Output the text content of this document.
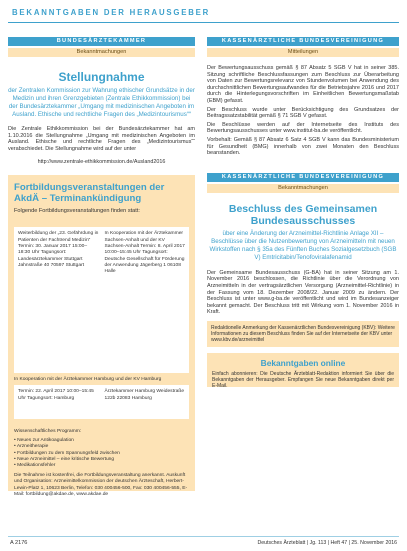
BEKANNTGABEN DER HERAUSGEBER
BUNDESÄRZTEKAMMER
Bekanntmachungen
Stellungnahme
der Zentralen Kommission zur Wahrung ethischer Grundsätze in der Medizin und ihren Grenzgebieten (Zentrale Ethikkommission) bei der Bundesärztekammer „Umgang mit medizinischen Angeboten im Ausland. Ethische und rechtliche Fragen des „Medizintourismus““
Die Zentrale Ethikkommission bei der Bundesärztekammer hat am 1.10.2016 die Stellungnahme „Umgang mit medizinischen Angeboten im Ausland. Ethische und rechtliche Fragen des „Medizintourismus““ verabschiedet. Die Stellungnahme wird auf der unter
http://www.zentrale-ethikkommission.de/Ausland2016
Fortbildungsveranstaltungen der AkdÄ – Terminankündigung
Folgende Fortbildungsveranstaltungen finden statt:
Weiterbildung der „23. Gefährdung in Patienten der Fachtrend Medizin“ Termin: 30. Januar 2017 15:00–18:30 Uhr Tagungsort: Landesärztekammer Stuttgart Jahnstraße 40 70597 Stuttgart
In Kooperation mit der Ärztekammer Sachsen-Anhalt und der KV Sachsen-Anhalt Termin: 8. April 2017 10:00–15:45 Uhr Tagungsort: Deutsche Gesellschaft für Förderung der Anwendung Jägerberg 1 06108 Halle
In Kooperation mit der Ärztekammer Hamburg und der KV Hamburg
Termin: 22. April 2017 10:00–15:45 Uhr Tagungsort: Hamburg
Ärztekammer Hamburg Weidestraße 122b 22083 Hamburg
Wissenschaftliches Programm:
• Neues zur Antikoagulation
• Arzneitherapie
• Fortbildungen zu dem Spannungsfeld zwischen
• Neue Arzneimittel – eine kritische Bewertung
• Medikationsfehler
Die Teilnahme ist kostenfrei, die Fortbildungsveranstaltung anerkannt. Auskunft und Organisation: Arzneimittelkommission der deutschen Ärzteschaft, Herbert-Lewin-Platz 1, 10623 Berlin, Telefon: 030 400456-500, Fax: 030 400456-555, E-Mail: fortbildung@akdae.de, www.akdae.de
KASSENÄRZTLICHE BUNDESVEREINIGUNG
Mitteilungen

Der Bewertungsausschuss gemäß § 87 Absatz 5 SGB V hat in seiner 385. Sitzung schriftliche Beschlussfassungen zum Beschluss zur Überarbeitung von Daten zur Bewertungsrelevanz von Stundenvolumen bei Anwendung des durchschnittlichen Bewertungsaufwandes für die Betriebsjahre 2016 und 2017 durch die Hinterlegungsvorschriften im Einheitlichen Bewertungsmaßstab (EBM) gefasst.

Der Beschluss wurde unter Berücksichtigung des Grundsatzes der Beitragssatzstabilität gemäß § 71 SGB V gefasst.

Die Beschlüsse werden auf der Internetseite des Instituts des Bewertungsausschusses unter www.institut-ba.de veröffentlicht.

Vorbehalt: Gemäß § 87 Absatz 6 Satz 4 SGB V kann das Bundesministerium für Gesundheit (BMG) innerhalb von zwei Monaten den Beschluss beanstanden.

KASSENÄRZTLICHE BUNDESVEREINIGUNG
Bekanntmachungen
Beschluss des Gemeinsamen Bundesausschusses
über eine Änderung der Arzneimittel-Richtlinie Anlage XII – Beschlüsse über die Nutzenbewertung von Arzneimitteln mit neuen Wirkstoffen nach § 35a des Fünften Buches Sozialgesetzbuch (SGB V) Emtricitabin/Tenofoviralafenamid
Der Gemeinsame Bundesausschuss (G-BA) hat in seiner Sitzung am 1. November 2016 beschlossen, die Richtlinie über die Verordnung von Arzneimitteln in der vertragsärztlichen Versorgung (Arzneimittel-Richtlinie) in der Fassung vom 18. Dezember 2008/22. Januar 2009 zu ändern. Der Beschluss ist unter www.g-ba.de veröffentlicht und wird im Bundesanzeiger bekannt gemacht. Der Beschluss tritt mit Wirkung vom 1. November 2016 in Kraft.
Redaktionelle Anmerkung der Kassenärztlichen Bundesvereinigung (KBV): Weitere Informationen zu diesem Beschluss finden Sie auf der Internetseite der KBV unter www.kbv.de/arzneimittel
Bekanntgaben online
Einfach abonnieren: Die Deutsche Ärzteblatt-Redaktion informiert Sie über die Bekanntgaben der Herausgeber. Empfangen Sie neue Bekanntgaben direkt per E-Mail.
A 2176	Deutsches Ärzteblatt | Jg. 113 | Heft 47 | 25. November 2016
